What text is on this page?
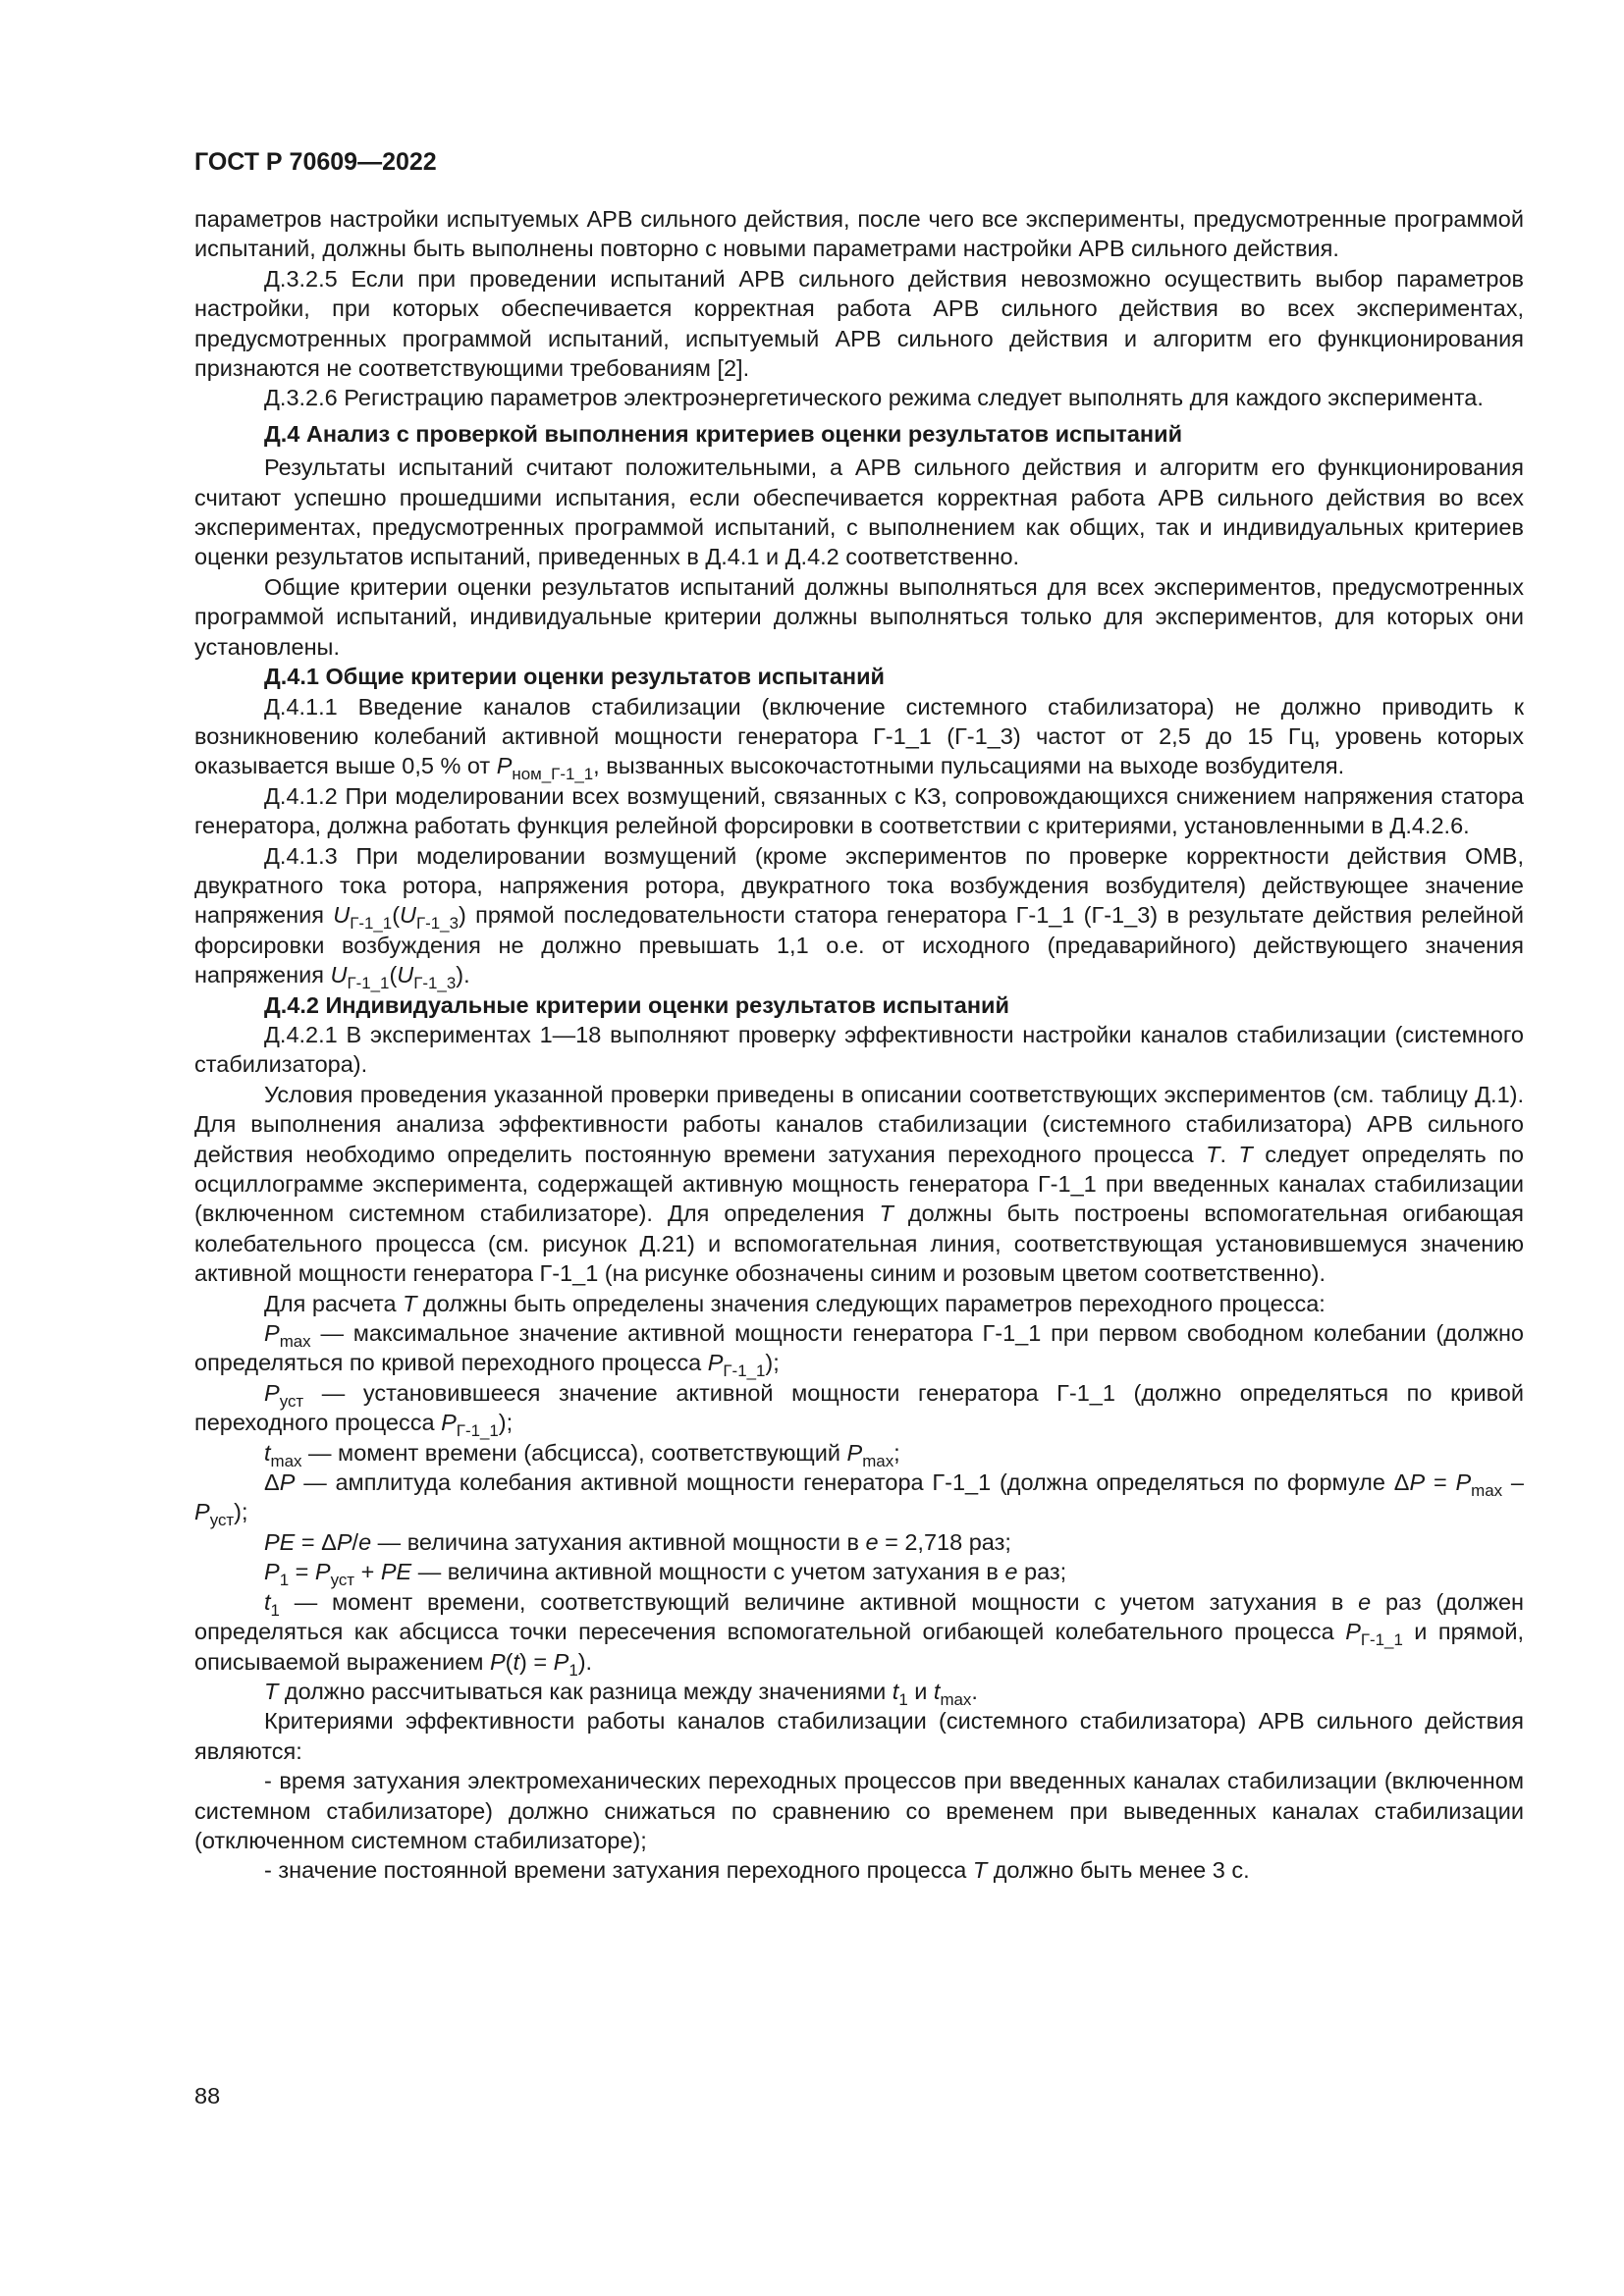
ГОСТ Р 70609—2022

параметров настройки испытуемых АРВ сильного действия, после чего все эксперименты, предусмотренные программой испытаний, должны быть выполнены повторно с новыми параметрами настройки АРВ сильного действия.

Д.3.2.5 Если при проведении испытаний АРВ сильного действия невозможно осуществить выбор параметров настройки, при которых обеспечивается корректная работа АРВ сильного действия во всех экспериментах, предусмотренных программой испытаний, испытуемый АРВ сильного действия и алгоритм его функционирования признаются не соответствующими требованиям [2].

Д.3.2.6 Регистрацию параметров электроэнергетического режима следует выполнять для каждого эксперимента.

Д.4 Анализ с проверкой выполнения критериев оценки результатов испытаний

Результаты испытаний считают положительными, а АРВ сильного действия и алгоритм его функционирования считают успешно прошедшими испытания, если обеспечивается корректная работа АРВ сильного действия во всех экспериментах, предусмотренных программой испытаний, с выполнением как общих, так и индивидуальных критериев оценки результатов испытаний, приведенных в Д.4.1 и Д.4.2 соответственно.

Общие критерии оценки результатов испытаний должны выполняться для всех экспериментов, предусмотренных программой испытаний, индивидуальные критерии должны выполняться только для экспериментов, для которых они установлены.

Д.4.1 Общие критерии оценки результатов испытаний

Д.4.1.1 Введение каналов стабилизации (включение системного стабилизатора) не должно приводить к возникновению колебаний активной мощности генератора Г-1_1 (Г-1_3) частот от 2,5 до 15 Гц, уровень которых оказывается выше 0,5 % от $P_{ном\_Г-1\_1}$, вызванных высокочастотными пульсациями на выходе возбудителя.

Д.4.1.2 При моделировании всех возмущений, связанных с КЗ, сопровождающихся снижением напряжения статора генератора, должна работать функция релейной форсировки в соответствии с критериями, установленными в Д.4.2.6.

Д.4.1.3 При моделировании возмущений (кроме экспериментов по проверке корректности действия ОМВ, двукратного тока ротора, напряжения ротора, двукратного тока возбуждения возбудителя) действующее значение напряжения $U_{Г-1\_1}(U_{Г-1\_3})$ прямой последовательности статора генератора Г-1_1 (Г-1_3) в результате действия релейной форсировки возбуждения не должно превышать 1,1 о.е. от исходного (предаварийного) действующего значения напряжения $U_{Г-1\_1}(U_{Г-1\_3})$.

Д.4.2 Индивидуальные критерии оценки результатов испытаний

Д.4.2.1 В экспериментах 1—18 выполняют проверку эффективности настройки каналов стабилизации (системного стабилизатора).

Условия проведения указанной проверки приведены в описании соответствующих экспериментов (см. таблицу Д.1). Для выполнения анализа эффективности работы каналов стабилизации (системного стабилизатора) АРВ сильного действия необходимо определить постоянную времени затухания переходного процесса T. T следует определять по осциллограмме эксперимента, содержащей активную мощность генератора Г-1_1 при введенных каналах стабилизации (включенном системном стабилизаторе). Для определения T должны быть построены вспомогательная огибающая колебательного процесса (см. рисунок Д.21) и вспомогательная линия, соответствующая установившемуся значению активной мощности генератора Г-1_1 (на рисунке обозначены синим и розовым цветом соответственно).

Для расчета T должны быть определены значения следующих параметров переходного процесса:

$P_{max}$ — максимальное значение активной мощности генератора Г-1_1 при первом свободном колебании (должно определяться по кривой переходного процесса $P_{Г-1\_1}$);

$P_{уст}$ — установившееся значение активной мощности генератора Г-1_1 (должно определяться по кривой переходного процесса $P_{Г-1\_1}$);

$t_{max}$ — момент времени (абсцисса), соответствующий $P_{max}$;

ΔP — амплитуда колебания активной мощности генератора Г-1_1 (должна определяться по формуле $\Delta P = P_{max} - P_{уст}$);

PE = ΔP/e — величина затухания активной мощности в e = 2,718 раз;

$P_1 = P_{уст}$ + PE — величина активной мощности с учетом затухания в e раз;

$t_1$ — момент времени, соответствующий величине активной мощности с учетом затухания в e раз (должен определяться как абсцисса точки пересечения вспомогательной огибающей колебательного процесса $P_{Г-1\_1}$ и прямой, описываемой выражением $P(t) = P_1$).

T должно рассчитываться как разница между значениями $t_1$ и $t_{max}$.

Критериями эффективности работы каналов стабилизации (системного стабилизатора) АРВ сильного действия являются:

- время затухания электромеханических переходных процессов при введенных каналах стабилизации (включенном системном стабилизаторе) должно снижаться по сравнению со временем при выведенных каналах стабилизации (отключенном системном стабилизаторе);

- значение постоянной времени затухания переходного процесса T должно быть менее 3 с.

88
